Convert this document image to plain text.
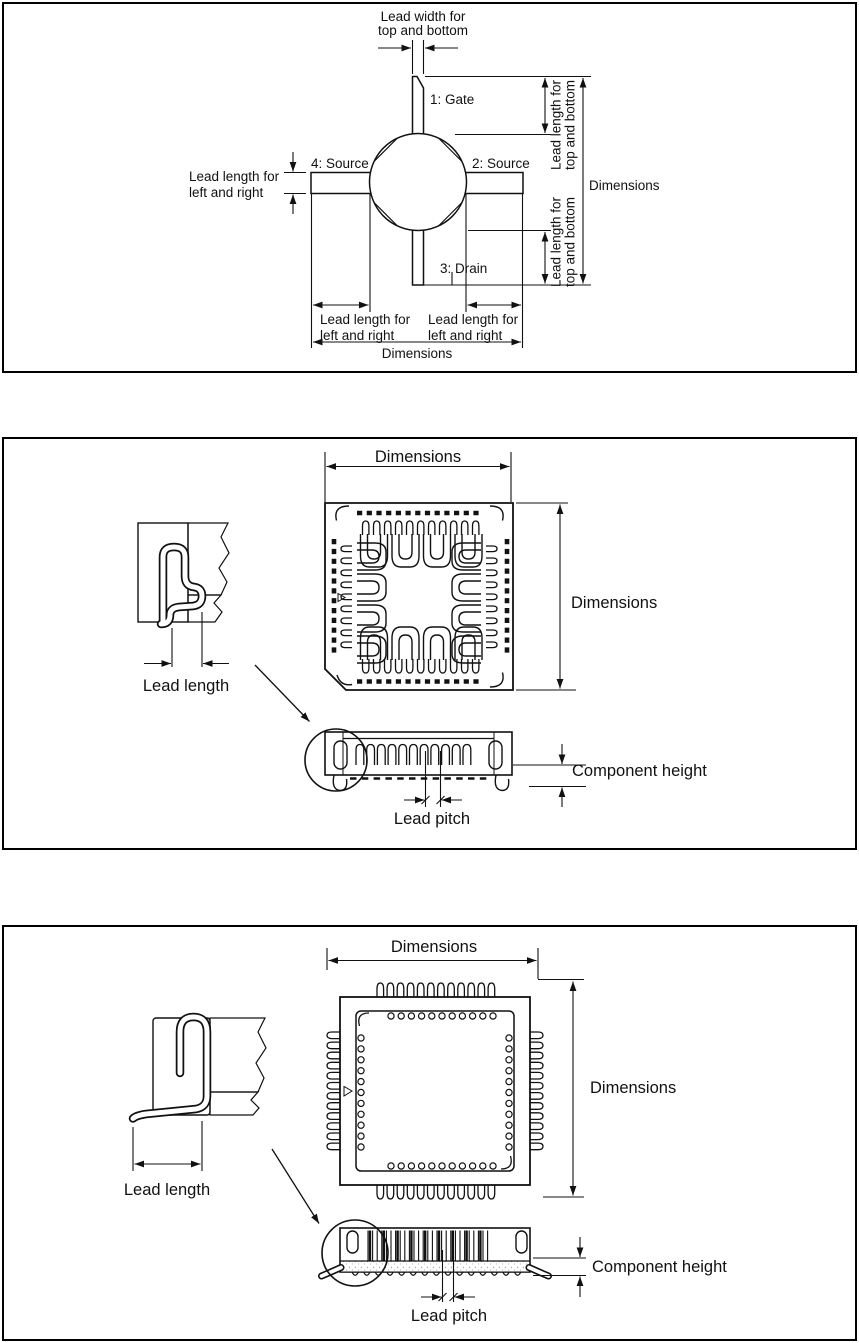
Lead width for
top and bottom
1: Gate
2: Source
3: Drain
4: Source
Lead length for
left and right
Lead length for
left and right
Lead length for
left and right
Dimensions
Dimensions
Lead length for top and bottom
Lead length for top and bottom
Dimensions
Dimensions
Lead length
Component height
Lead pitch
Dimensions
Dimensions
Lead length
Component height
Lead pitch
